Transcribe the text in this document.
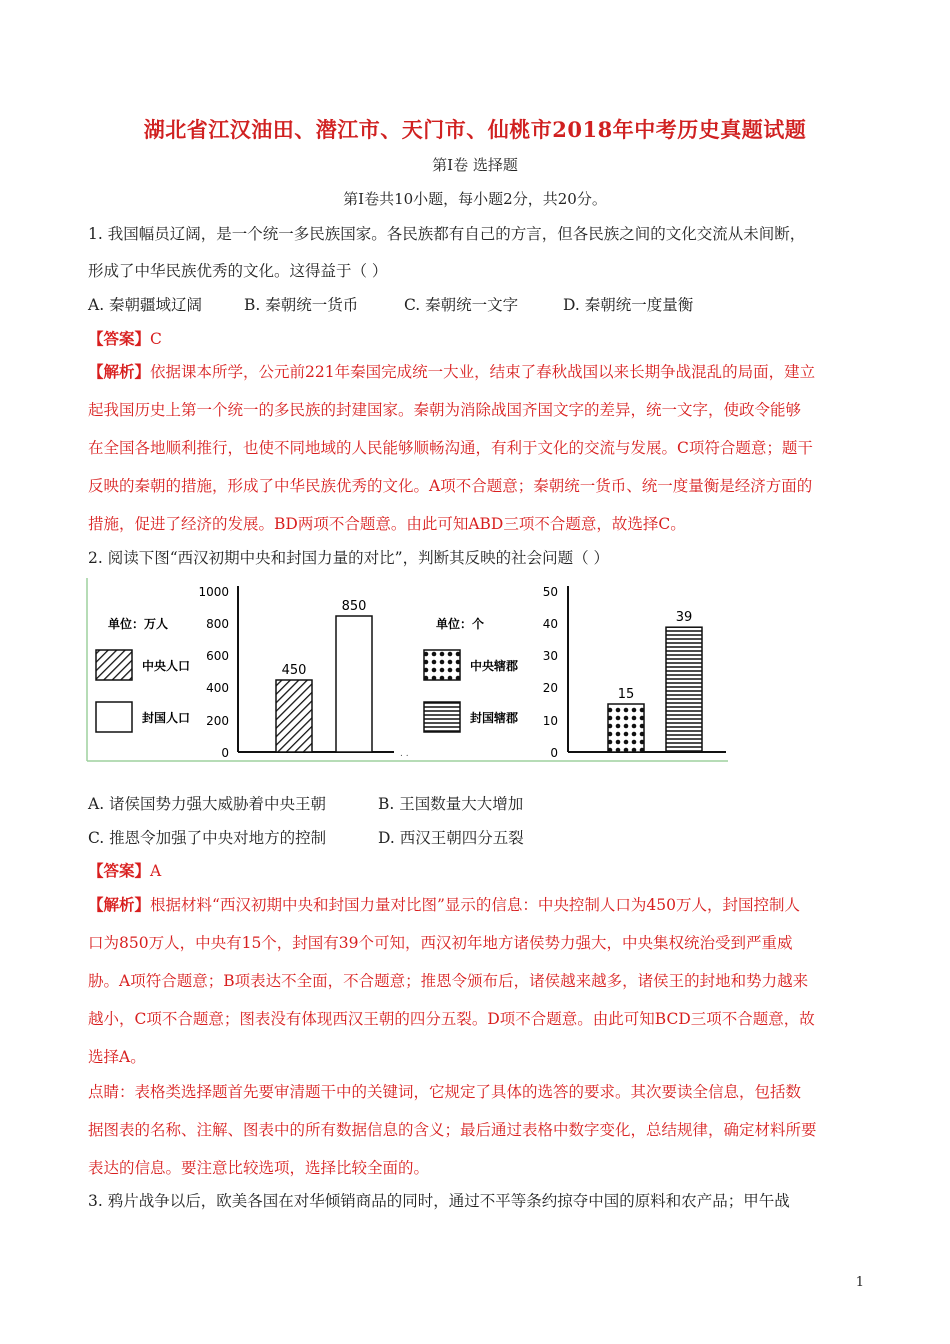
湖北省江汉油田、潜江市、天门市、仙桃市2018年中考历史真题试题
第I卷 选择题
第I卷共10小题，每小题2分，共20分。
1. 我国幅员辽阔，是一个统一多民族国家。各民族都有自己的方言，但各民族之间的文化交流从未间断，
形成了中华民族优秀的文化。这得益于（ ）
A. 秦朝疆域辽阔	B. 秦朝统一货币	C. 秦朝统一文字	D. 秦朝统一度量衡
【答案】C
【解析】依据课本所学，公元前221年秦国完成统一大业，结束了春秋战国以来长期争战混乱的局面，建立
起我国历史上第一个统一的多民族的封建国家。秦朝为消除战国齐国文字的差异，统一文字，使政令能够
在全国各地顺利推行，也使不同地域的人民能够顺畅沟通，有利于文化的交流与发展。C项符合题意；题干
反映的秦朝的措施，形成了中华民族优秀的文化。A项不合题意；秦朝统一货币、统一度量衡是经济方面的
措施，促进了经济的发展。BD两项不合题意。由此可知ABD三项不合题意，故选择C。
2. 阅读下图“西汉初期中央和封国力量的对比”，判断其反映的社会问题（ ）
单位：万人
中央人口
封国人口
1000
800
600
400
200
0
450
850
. .
单位：个
中央辖郡
封国辖郡
50
40
30
20
10
0
15
39
A. 诸侯国势力强大威胁着中央王朝	B. 王国数量大大增加
C. 推恩令加强了中央对地方的控制	D. 西汉王朝四分五裂
【答案】A
【解析】根据材料“西汉初期中央和封国力量对比图”显示的信息：中央控制人口为450万人，封国控制人
口为850万人，中央有15个，封国有39个可知，西汉初年地方诸侯势力强大，中央集权统治受到严重威
胁。A项符合题意；B项表达不全面，不合题意；推恩令颁布后，诸侯越来越多，诸侯王的封地和势力越来
越小，C项不合题意；图表没有体现西汉王朝的四分五裂。D项不合题意。由此可知BCD三项不合题意，故
选择A。
点睛：表格类选择题首先要审清题干中的关键词，它规定了具体的选答的要求。其次要读全信息，包括数
据图表的名称、注解、图表中的所有数据信息的含义；最后通过表格中数字变化，总结规律，确定材料所要
表达的信息。要注意比较选项，选择比较全面的。
3. 鸦片战争以后，欧美各国在对华倾销商品的同时，通过不平等条约掠夺中国的原料和农产品；甲午战
1
